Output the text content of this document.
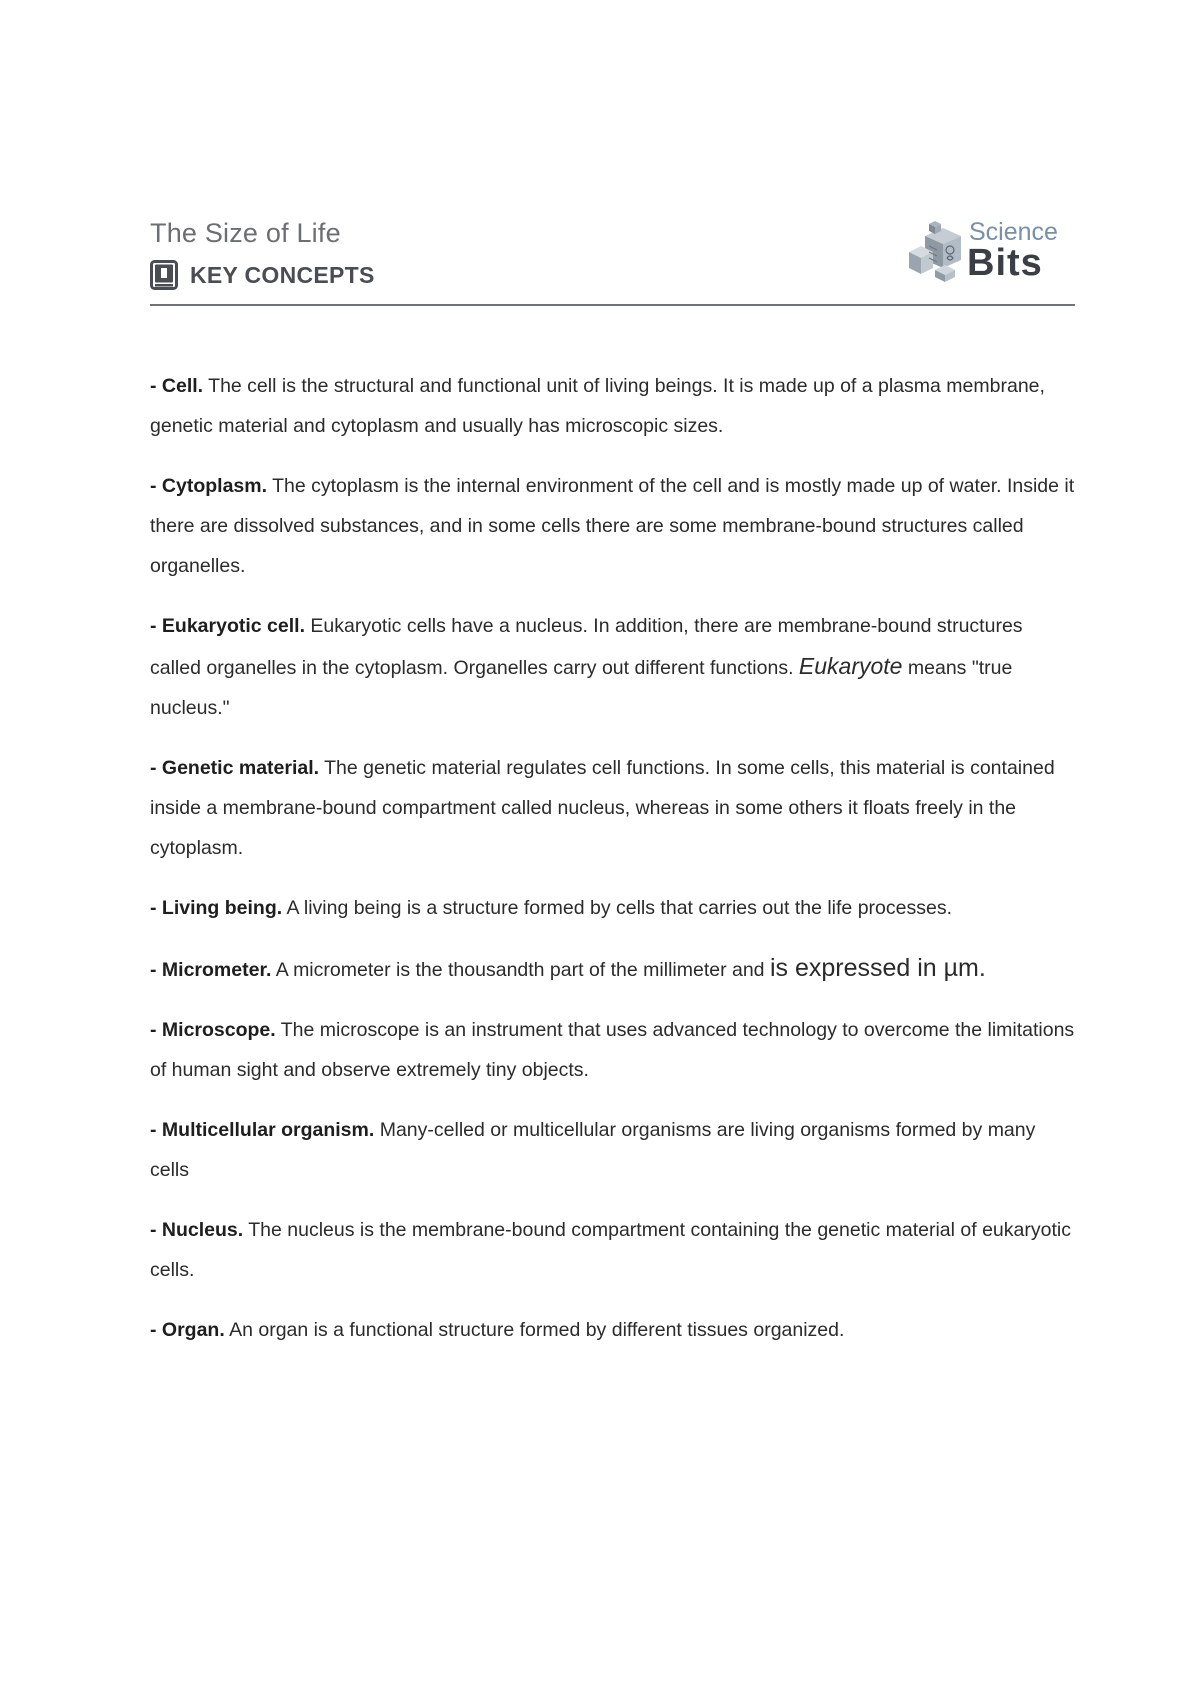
The Size of Life
KEY CONCEPTS
Science
Bits

- Cell. The cell is the structural and functional unit of living beings. It is made up of a plasma membrane, genetic material and cytoplasm and usually has microscopic sizes.

- Cytoplasm. The cytoplasm is the internal environment of the cell and is mostly made up of water. Inside it there are dissolved substances, and in some cells there are some membrane-bound structures called organelles.

- Eukaryotic cell. Eukaryotic cells have a nucleus. In addition, there are membrane-bound structures called organelles in the cytoplasm. Organelles carry out different functions. Eukaryote means "true nucleus."

- Genetic material. The genetic material regulates cell functions. In some cells, this material is contained inside a membrane-bound compartment called nucleus, whereas in some others it floats freely in the cytoplasm.

- Living being. A living being is a structure formed by cells that carries out the life processes.

- Micrometer. A micrometer is the thousandth part of the millimeter and is expressed in µm.

- Microscope. The microscope is an instrument that uses advanced technology to overcome the limitations of human sight and observe extremely tiny objects.

- Multicellular organism. Many-celled or multicellular organisms are living organisms formed by many cells

- Nucleus. The nucleus is the membrane-bound compartment containing the genetic material of eukaryotic cells.

- Organ. An organ is a functional structure formed by different tissues organized.
